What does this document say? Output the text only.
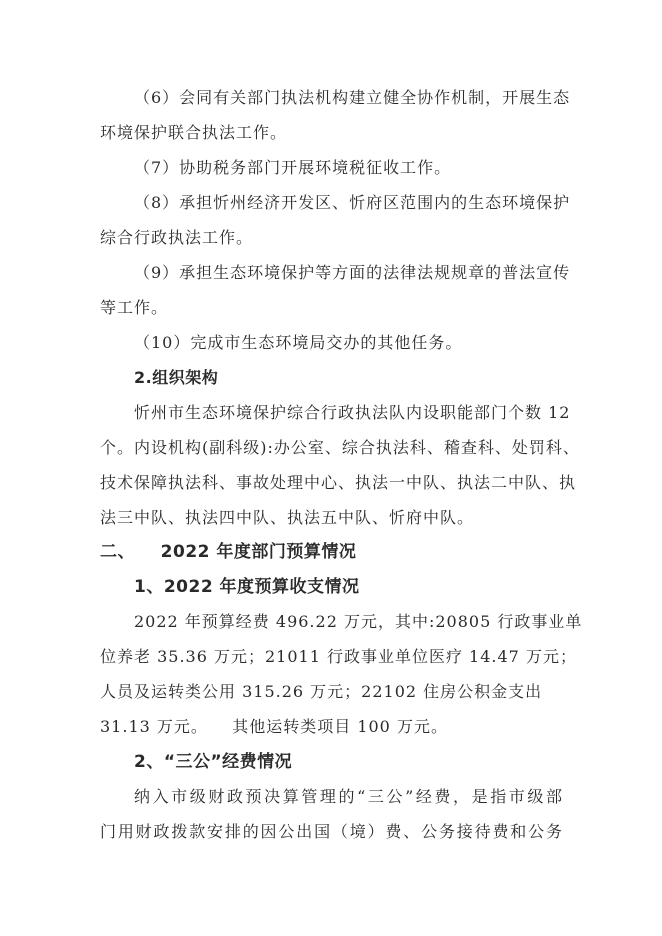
（6）会同有关部门执法机构建立健全协作机制，开展生态
环境保护联合执法工作。
（7）协助税务部门开展环境税征收工作。
（8）承担忻州经济开发区、忻府区范围内的生态环境保护
综合行政执法工作。
（9）承担生态环境保护等方面的法律法规规章的普法宣传
等工作。
（10）完成市生态环境局交办的其他任务。
2.组织架构
忻州市生态环境保护综合行政执法队内设职能部门个数 12
个。内设机构(副科级):办公室、综合执法科、稽查科、处罚科、
技术保障执法科、事故处理中心、执法一中队、执法二中队、执
法三中队、执法四中队、执法五中队、忻府中队。
二、    2022 年度部门预算情况
1、2022 年度预算收支情况
2022 年预算经费 496.22 万元，其中:20805 行政事业单
位养老 35.36 万元；21011 行政事业单位医疗 14.47 万元；
人员及运转类公用 315.26 万元；22102 住房公积金支出
31.13 万元。    其他运转类项目 100 万元。
2、“三公”经费情况
纳入市级财政预决算管理的“三公”经费，是指市级部
门用财政拨款安排的因公出国（境）费、公务接待费和公务
